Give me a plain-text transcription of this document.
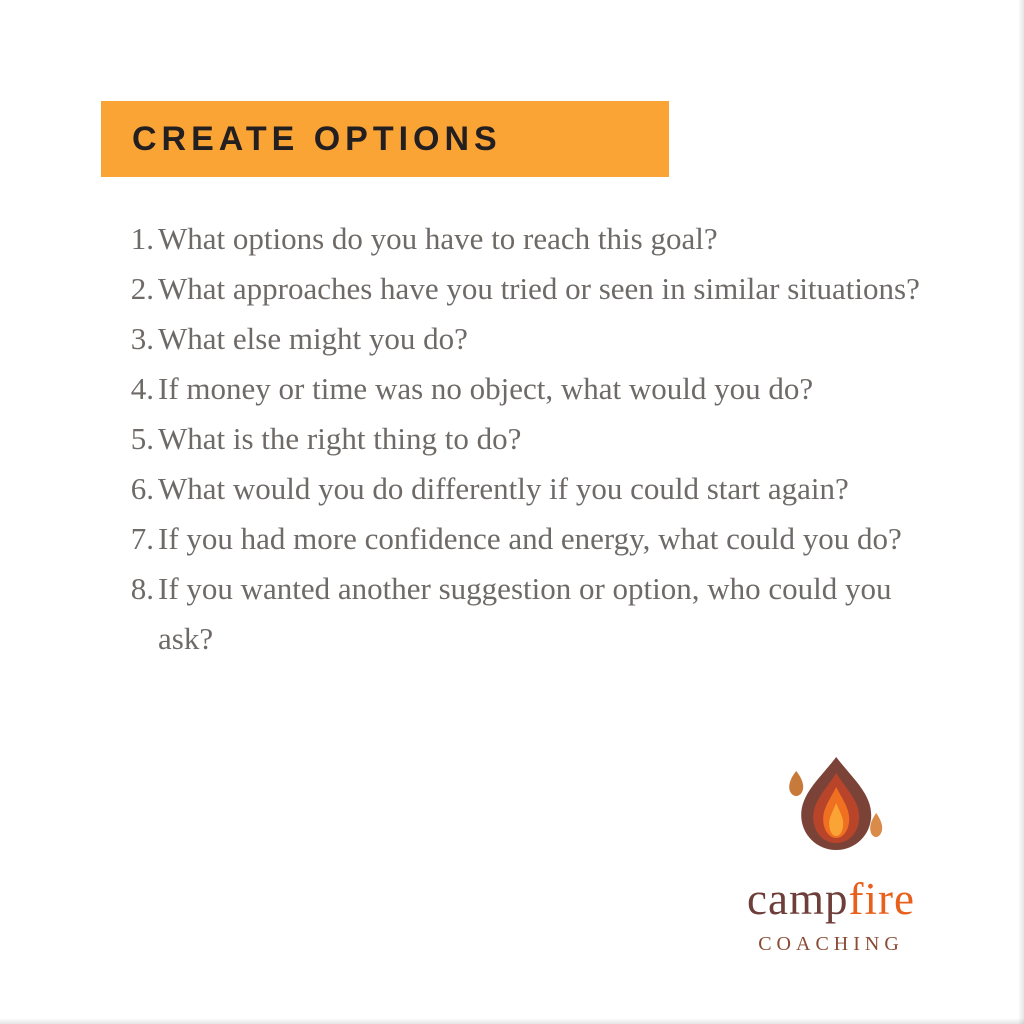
CREATE OPTIONS
1. What options do you have to reach this goal?
2. What approaches have you tried or seen in similar situations?
3. What else might you do?
4. If money or time was no object, what would you do?
5. What is the right thing to do?
6. What would you do differently if you could start again?
7. If you had more confidence and energy, what could you do?
8. If you wanted another suggestion or option, who could you ask?
campfire
COACHING
